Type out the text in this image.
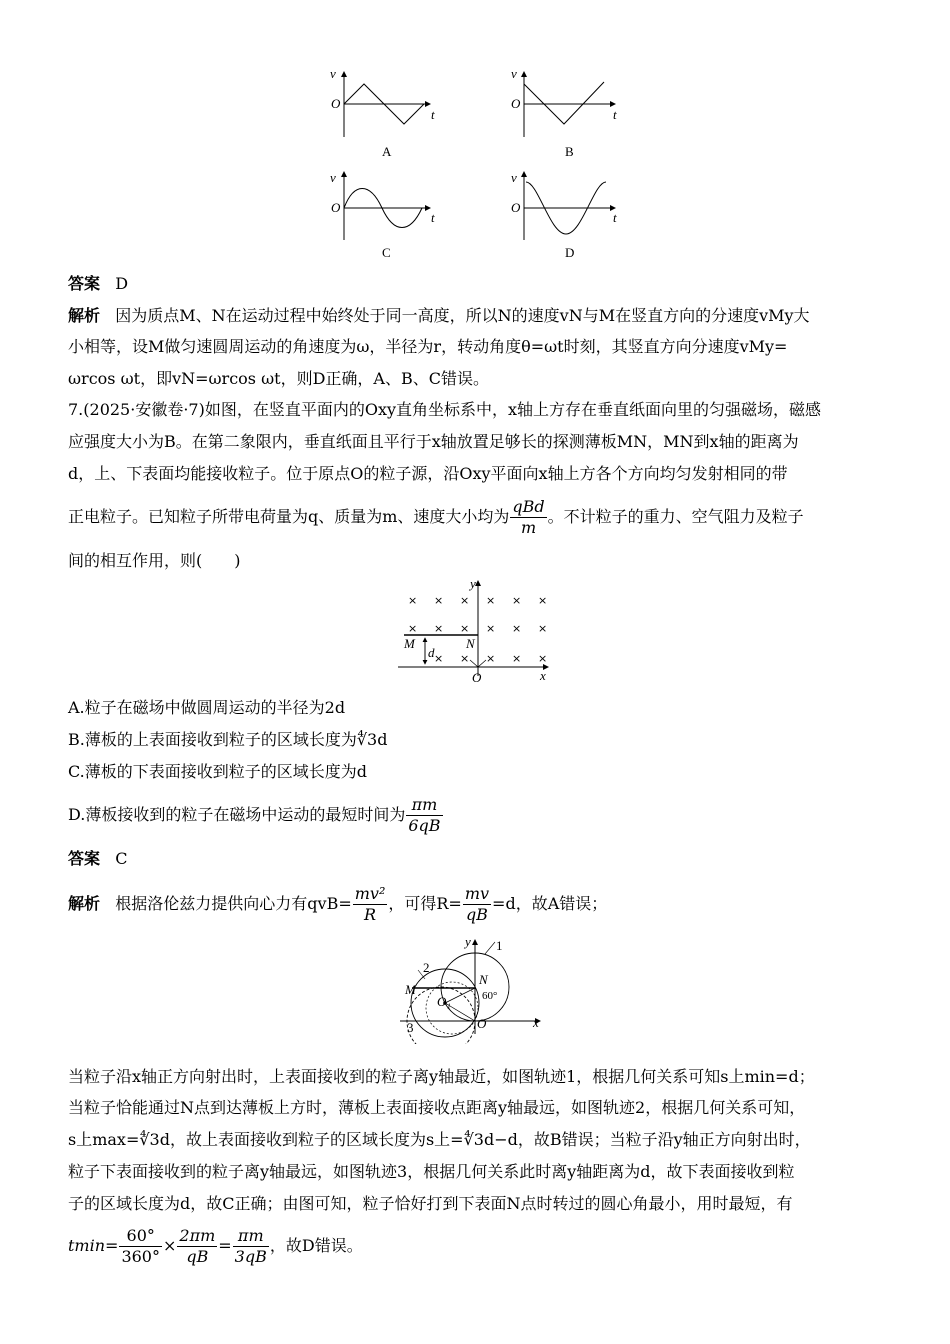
v
O
t
A
v
O
t
B
v
O
t
C
v
O
t
D
答案 D
解析 因为质点M、N在运动过程中始终处于同一高度，所以N的速度vN与M在竖直方向的分速度vMy大
小相等，设M做匀速圆周运动的角速度为ω，半径为r，转动角度θ=ωt时刻，其竖直方向分速度vMy=
ωrcos ωt，即vN=ωrcos ωt，则D正确，A、B、C错误。
7.(2025·安徽卷·7)如图，在竖直平面内的Oxy直角坐标系中，x轴上方存在垂直纸面向里的匀强磁场，磁感
应强度大小为B。在第二象限内，垂直纸面且平行于x轴放置足够长的探测薄板MN，MN到x轴的距离为
d，上、下表面均能接收粒子。位于原点O的粒子源，沿Oxy平面向x轴上方各个方向均匀发射相同的带
正电粒子。已知粒子所带电荷量为q、质量为m、速度大小均为 $\frac{\text{qBd}}{m}$ 。不计粒子的重力、空气阻力及粒子
间的相互作用，则(　　)
× × × × × ×
× × × × × ×
× × × × ×
y
x
O
M	N
d
A.粒子在磁场中做圆周运动的半径为2d
B.薄板的上表面接收到粒子的区域长度为∜3d
C.薄板的下表面接收到粒子的区域长度为d
D.薄板接收到的粒子在磁场中运动的最短时间为 $\frac{\pi m}{6qB}$
答案 C
解析 根据洛伦兹力提供向心力有$qvB= \frac{\text{mv²}}{R}$ ，可得$R= \frac{mv}{qB} =d$，故A错误；
y 1
2
3
M
N
O₁	60°
O	x
当粒子沿x轴正方向射出时，上表面接收到的粒子离y轴最近，如图轨迹1，根据几何关系可知s上min=d；
当粒子恰能通过N点到达薄板上方时，薄板上表面接收点距离y轴最远，如图轨迹2，根据几何关系可知，
s上max=∜3d，故上表面接收到粒子的区域长度为s上=∜3d−d，故B错误；当粒子沿y轴正方向射出时，
粒子下表面接收到的粒子离y轴最远，如图轨迹3，根据几何关系此时离y轴距离为d，故下表面接收到粒
子的区域长度为d，故C正确；由图可知，粒子恰好打到下表面N点时转过的圆心角最小，用时最短，有
$tmin= \frac{60^\circ}{360^\circ} \times \frac{2\pi m}{qB} = \frac{\pi m}{3qB}$ ，故D错误。
